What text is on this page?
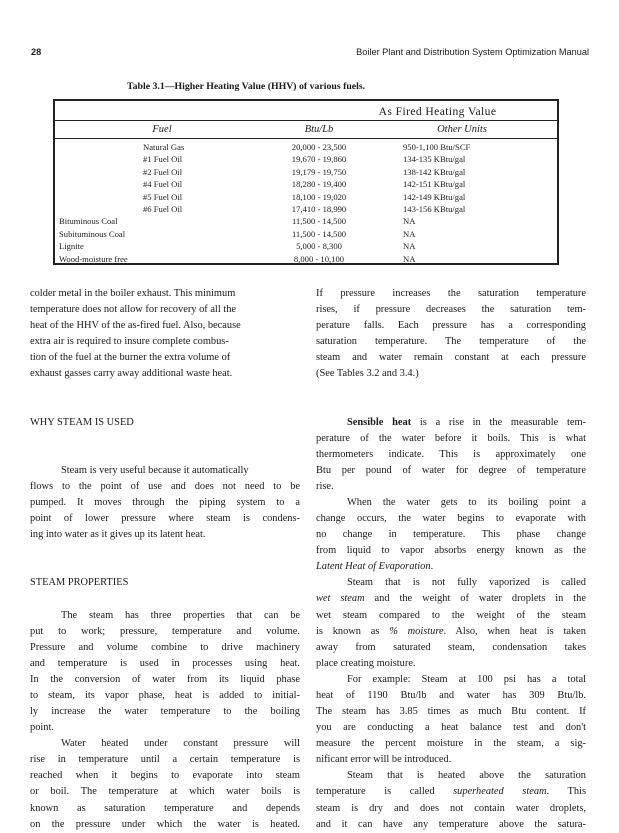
28	Boiler Plant and Distribution System Optimization Manual
Table 3.1—Higher Heating Value (HHV) of various fuels.
As Fired Heating Value
Fuel	Btu/Lb	Other Units
Natural Gas	20,000 - 23,500	950-1,100 Btu/SCF
#1 Fuel Oil	19,670 - 19,860	134-135 KBtu/gal
#2 Fuel Oil	19,179 - 19,750	138-142 KBtu/gal
#4 Fuel Oil	18,280 - 19,400	142-151 KBtu/gal
#5 Fuel Oil	18,100 - 19,020	142-149 KBtu/gal
#6 Fuel Oil	17,410 - 18,990	143-156 KBtu/gal
Bituminous Coal	11,500 - 14,500	NA
Subituminous Coal	11,500 - 14,500	NA
Lignite	5,000 - 8,300	NA
Wood-moisture free	8,000 - 10,100	NA

colder metal in the boiler exhaust. This minimum
temperature does not allow for recovery of all the
heat of the HHV of the as-fired fuel. Also, because
extra air is required to insure complete combus-
tion of the fuel at the burner the extra volume of
exhaust gasses carry away additional waste heat.

WHY STEAM IS USED

Steam is very useful because it automatically
flows to the point of use and does not need to be
pumped. It moves through the piping system to a
point of lower pressure where steam is condens-
ing into water as it gives up its latent heat.

STEAM PROPERTIES

The steam has three properties that can be
put to work; pressure, temperature and volume.
Pressure and volume combine to drive machinery
and temperature is used in processes using heat.
In the conversion of water from its liquid phase
to steam, its vapor phase, heat is added to initial-
ly increase the water temperature to the boiling
point.

Water heated under constant pressure will
rise in temperature until a certain temperature is
reached when it begins to evaporate into steam
or boil. The temperature at which water boils is
known as saturation temperature and depends
on the pressure under which the water is heated.

If pressure increases the saturation temperature
rises, if pressure decreases the saturation tem-
perature falls. Each pressure has a corresponding
saturation temperature. The temperature of the
steam and water remain constant at each pressure
(See Tables 3.2 and 3.4.)

Sensible heat is a rise in the measurable tem-
perature of the water before it boils. This is what
thermometers indicate. This is approximately one
Btu per pound of water for degree of temperature
rise.

When the water gets to its boiling point a
change occurs, the water begins to evaporate with
no change in temperature. This phase change
from liquid to vapor absorbs energy known as the
Latent Heat of Evaporation.

Steam that is not fully vaporized is called
wet steam and the weight of water droplets in the
wet steam compared to the weight of the steam
is known as % moisture. Also, when heat is taken
away from saturated steam, condensation takes
place creating moisture.

For example: Steam at 100 psi has a total
heat of 1190 Btu/lb and water has 309 Btu/lb.
The steam has 3.85 times as much Btu content. If
you are conducting a heat balance test and don't
measure the percent moisture in the steam, a sig-
nificant error will be introduced.

Steam that is heated above the saturation
temperature is called superheated steam. This
steam is dry and does not contain water droplets,
and it can have any temperature above the satura-
